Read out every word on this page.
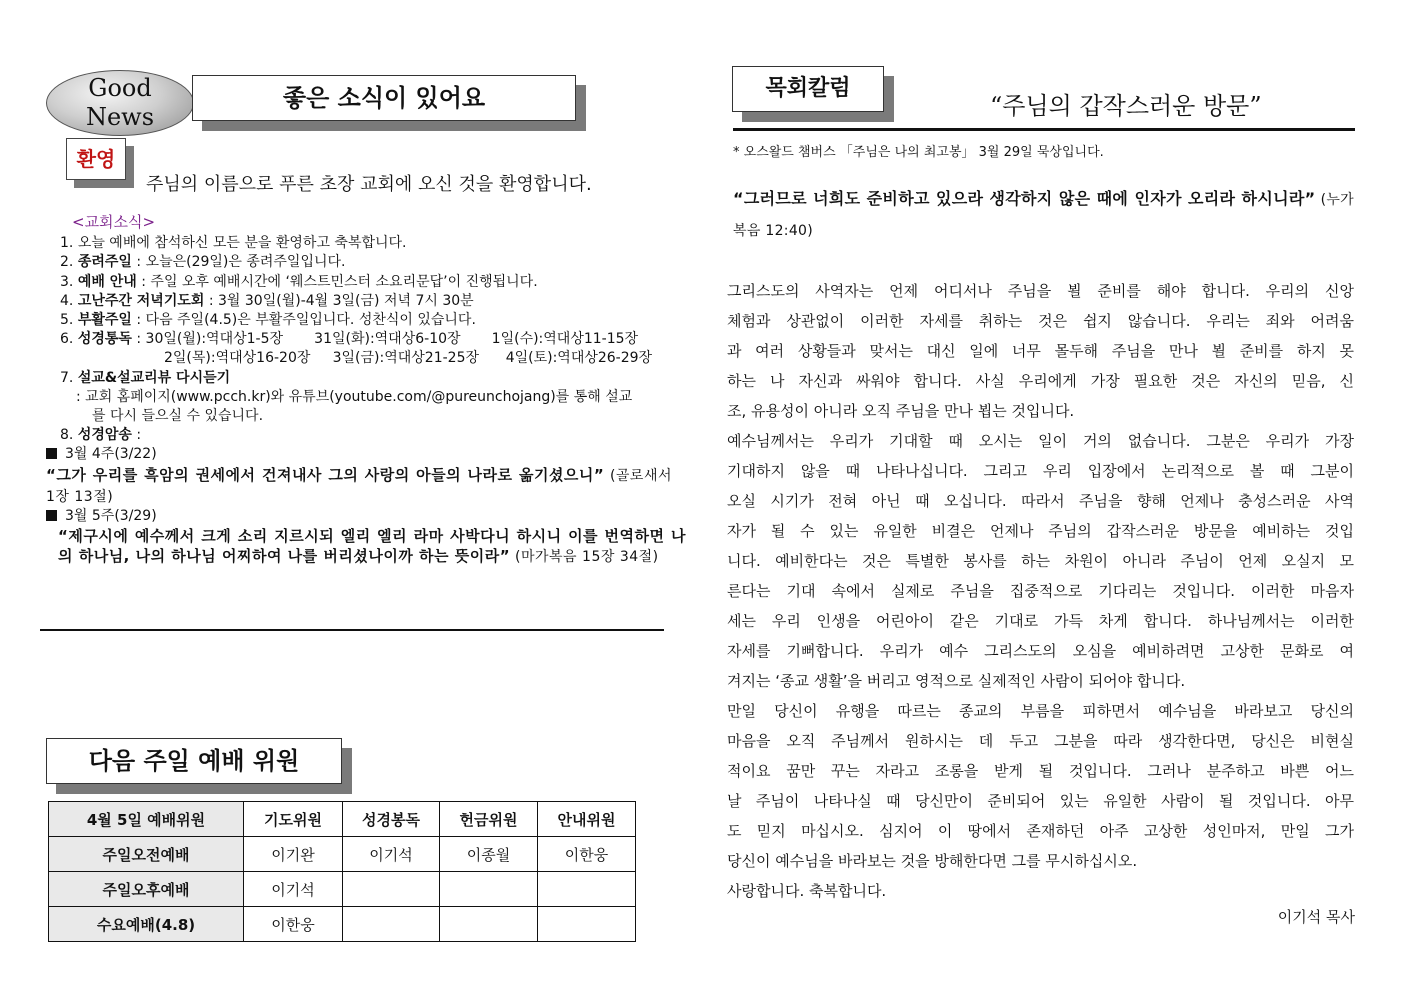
Good
News
좋은 소식이 있어요
환영
주님의 이름으로 푸른 초장 교회에 오신 것을 환영합니다.
<교회소식>
1. 오늘 예배에 참석하신 모든 분을 환영하고 축복합니다.
2. 종려주일 : 오늘은(29일)은 종려주일입니다.
3. 예배 안내 : 주일 오후 예배시간에 ‘웨스트민스터 소요리문답’이 진행됩니다.
4. 고난주간 저녁기도회 : 3월 30일(월)-4월 3일(금) 저녁 7시 30분
5. 부활주일 : 다음 주일(4.5)은 부활주일입니다. 성찬식이 있습니다.
6. 성경통독 : 30일(월):역대상1-5장       31일(화):역대상6-10장       1일(수):역대상11-15장
2일(목):역대상16-20장     3일(금):역대상21-25장      4일(토):역대상26-29장
7. 설교&설교리뷰 다시듣기
: 교회 홈페이지(www.pcch.kr)와 유튜브(youtube.com/@pureunchojang)를 통해 설교
를 다시 들으실 수 있습니다.
8. 성경암송 :
3월 4주(3/22)
“그가 우리를 흑암의 권세에서 건져내사 그의 사랑의 아들의 나라로 옮기셨으니” (골로새서 1장 13절)
3월 5주(3/29)
“제구시에 예수께서 크게 소리 지르시되 엘리 엘리 라마 사박다니 하시니 이를 번역하면 나의 하나님, 나의 하나님 어찌하여 나를 버리셨나이까 하는 뜻이라” (마가복음 15장 34절)
다음 주일 예배 위원
4월 5일 예배위원	기도위원	성경봉독	헌금위원	안내위원
주일오전예배	이기완	이기석	이종월	이한웅
주일오후예배	이기석			
수요예배(4.8)	이한웅			
목회칼럼
“주님의 갑작스러운 방문”
* 오스왈드 챔버스 「주님은 나의 최고봉」 3월 29일 묵상입니다.
“그러므로 너희도 준비하고 있으라 생각하지 않은 때에 인자가 오리라 하시니라” (누가복음 12:40)

그리스도의 사역자는 언제 어디서나 주님을 뵐 준비를 해야 합니다. 우리의 신앙

체험과 상관없이 이러한 자세를 취하는 것은 쉽지 않습니다. 우리는 죄와 어려움

과 여러 상황들과 맞서는 대신 일에 너무 몰두해 주님을 만나 뵐 준비를 하지 못

하는 나 자신과 싸워야 합니다. 사실 우리에게 가장 필요한 것은 자신의 믿음, 신

조, 유용성이 아니라 오직 주님을 만나 뵙는 것입니다.

예수님께서는 우리가 기대할 때 오시는 일이 거의 없습니다. 그분은 우리가 가장

기대하지 않을 때 나타나십니다. 그리고 우리 입장에서 논리적으로 볼 때 그분이

오실 시기가 전혀 아닌 때 오십니다. 따라서 주님을 향해 언제나 충성스러운 사역

자가 될 수 있는 유일한 비결은 언제나 주님의 갑작스러운 방문을 예비하는 것입

니다. 예비한다는 것은 특별한 봉사를 하는 차원이 아니라 주님이 언제 오실지 모

른다는 기대 속에서 실제로 주님을 집중적으로 기다리는 것입니다. 이러한 마음자

세는 우리 인생을 어린아이 같은 기대로 가득 차게 합니다. 하나님께서는 이러한

자세를 기뻐합니다. 우리가 예수 그리스도의 오심을 예비하려면 고상한 문화로 여

겨지는 ‘종교 생활’을 버리고 영적으로 실제적인 사람이 되어야 합니다.

만일 당신이 유행을 따르는 종교의 부름을 피하면서 예수님을 바라보고 당신의

마음을 오직 주님께서 원하시는 데 두고 그분을 따라 생각한다면, 당신은 비현실

적이요 꿈만 꾸는 자라고 조롱을 받게 될 것입니다. 그러나 분주하고 바쁜 어느

날 주님이 나타나실 때 당신만이 준비되어 있는 유일한 사람이 될 것입니다. 아무

도 믿지 마십시오. 심지어 이 땅에서 존재하던 아주 고상한 성인마저, 만일 그가

당신이 예수님을 바라보는 것을 방해한다면 그를 무시하십시오.

사랑합니다. 축복합니다.

이기석 목사
